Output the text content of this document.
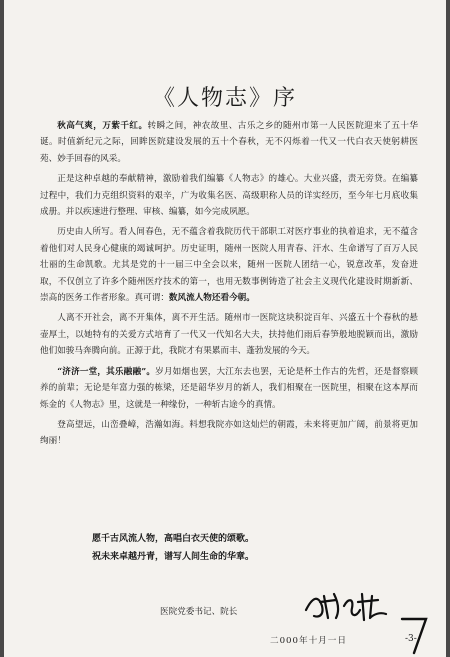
《人物志》序

秋高气爽，万紫千红。转瞬之间，神农故里、古乐之乡的随州市第一人民医院迎来了五十华诞。时值新纪元之际，回眸医院建设发展的五十个春秋，无不闪烁着一代又一代白衣天使躬耕医苑、妙手回春的风采。

正是这种卓越的奉献精神，激励着我们编纂《人物志》的雄心。大业兴盛，责无旁贷。在编纂过程中，我们力克组织资料的艰辛，广为收集名医、高级职称人员的详实经历，至今年七月底收集成册。并以疾速进行整理、审核、编纂，如今完成夙愿。

历史由人所写。看人间春色，无不蕴含着我院历代干部职工对医疗事业的执着追求，无不蕴含着他们对人民身心健康的竭诚呵护。历史证明，随州一医院人用青春、汗水、生命谱写了百万人民壮丽的生命凯歌。尤其是党的十一届三中全会以来，随州一医院人团结一心，锐意改革，发奋进取，不仅创立了许多个随州医疗技术的第一，也用无数事例铸造了社会主义现代化建设时期新新、崇高的医务工作者形象。真可谓：数风流人物还看今朝。

人离不开社会，离不开集体，离不开生活。随州市一医院这块积淀百年、兴盛五十个春秋的悬壶厚土，以她特有的关爱方式培育了一代又一代知名大夫，扶持他们雨后春笋般地脱颖而出，激励他们如骏马奔腾向前。正源于此，我院才有果累而丰、蓬勃发展的今天。

“济济一堂，其乐融融”。岁月如烟也罢，大江东去也罢，无论是杯土作古的先哲，还是督察顾养的前辈；无论是年富力强的栋梁，还是韶华岁月的新人，我们相聚在一医院里，相聚在这本厚而烁金的《人物志》里，这就是一种缘份，一种斩古途今的真情。

登高望远，山峦叠嶂，浩瀚如海。料想我院亦如这灿烂的朝霞，未来将更加广阔，前景将更加绚丽！

愿千古风流人物，高唱白衣天使的颂歌。
祝未来卓越丹青，谱写人间生命的华章。
医院党委书记、院长
二000年十月一日	-3-
